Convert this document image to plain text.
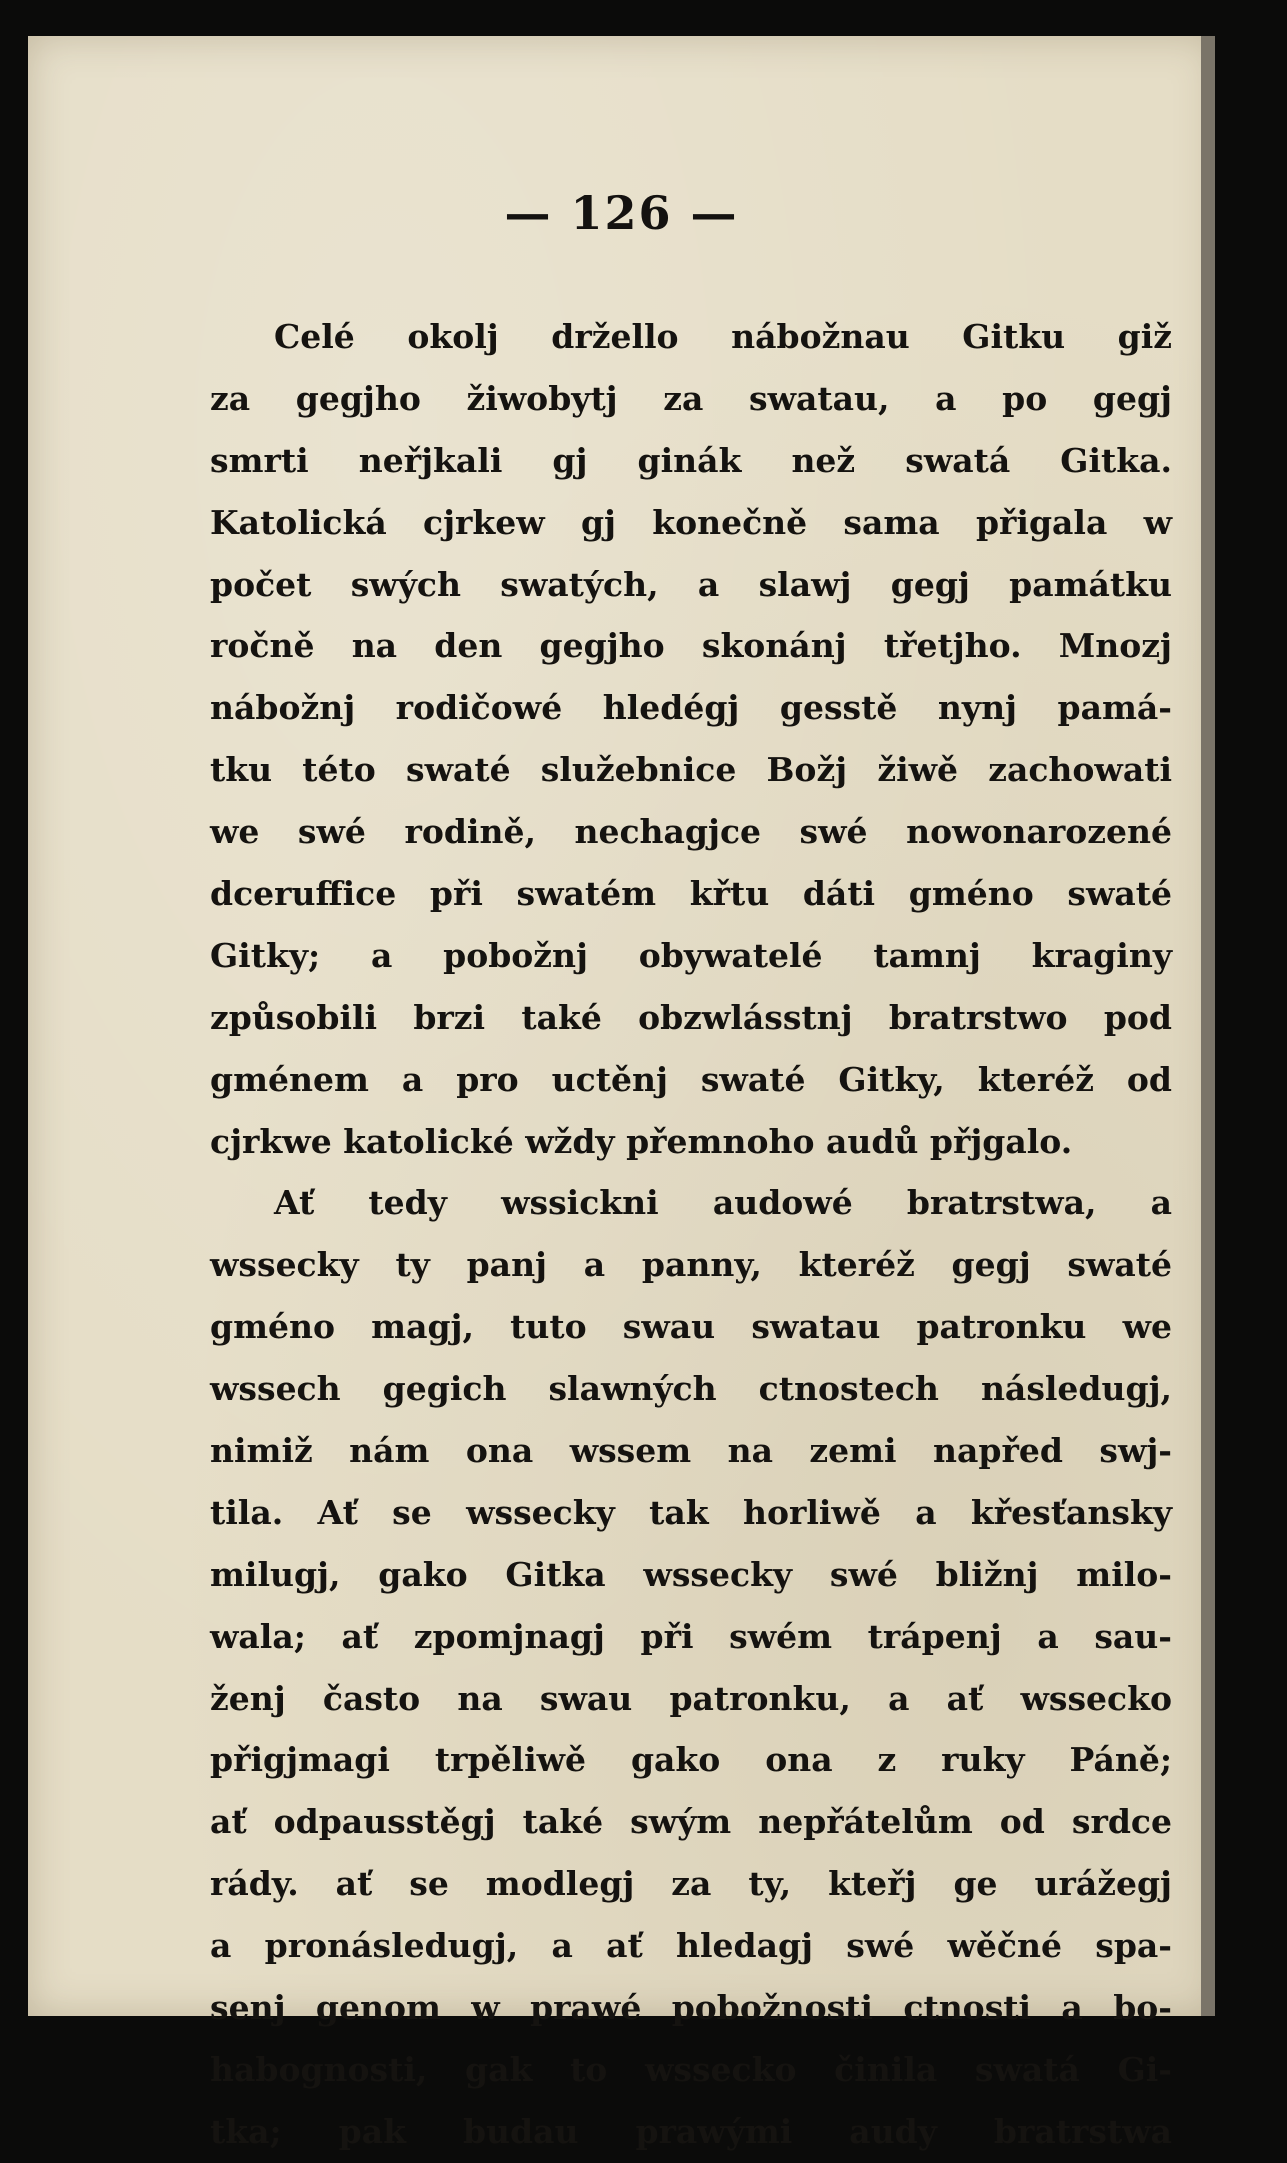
— 126 —
Celé okolj držello nábožnau Gitku giž
za gegjho žiwobytj za swatau, a po gegj
smrti neřjkali gj ginák než swatá Gitka.
Katolická cjrkew gj konečně sama přigala w
počet swých swatých, a slawj gegj památku
ročně na den gegjho skonánj třetjho. Mnozj
nábožnj rodičowé hledégj gesstě nynj pamá-
tku této swaté služebnice Božj žiwě zachowati
we swé rodině, nechagjce swé nowonarozené
dceruffice při swatém křtu dáti gméno swaté
Gitky; a pobožnj obywatelé tamnj kraginy
způsobili brzi také obzwlásstnj bratrstwo pod
gménem a pro uctěnj swaté Gitky, kteréž od
cjrkwe katolické wždy přemnoho audů přjgalo.
Ať tedy wssickni audowé bratrstwa, a
wssecky ty panj a panny, kteréž gegj swaté
gméno magj, tuto swau swatau patronku we
wssech gegich slawných ctnostech následugj,
nimiž nám ona wssem na zemi napřed swj-
tila. Ať se wssecky tak horliwě a křesťansky
milugj, gako Gitka wssecky swé bližnj milo-
wala; ať zpomjnagj při swém trápenj a sau-
ženj často na swau patronku, a ať wssecko
přigjmagi trpěliwě gako ona z ruky Páně;
ať odpausstěgj také swým nepřátelům od srdce
rády. ať se modlegj za ty, kteřj ge urážegj
a pronásledugj, a ať hledagj swé wěčné spa-
senj genom w prawé pobožnosti ctnosti a bo-
habognosti, gak to wssecko činila swatá Gi-
tka; pak budau prawými audy bratrstwa
